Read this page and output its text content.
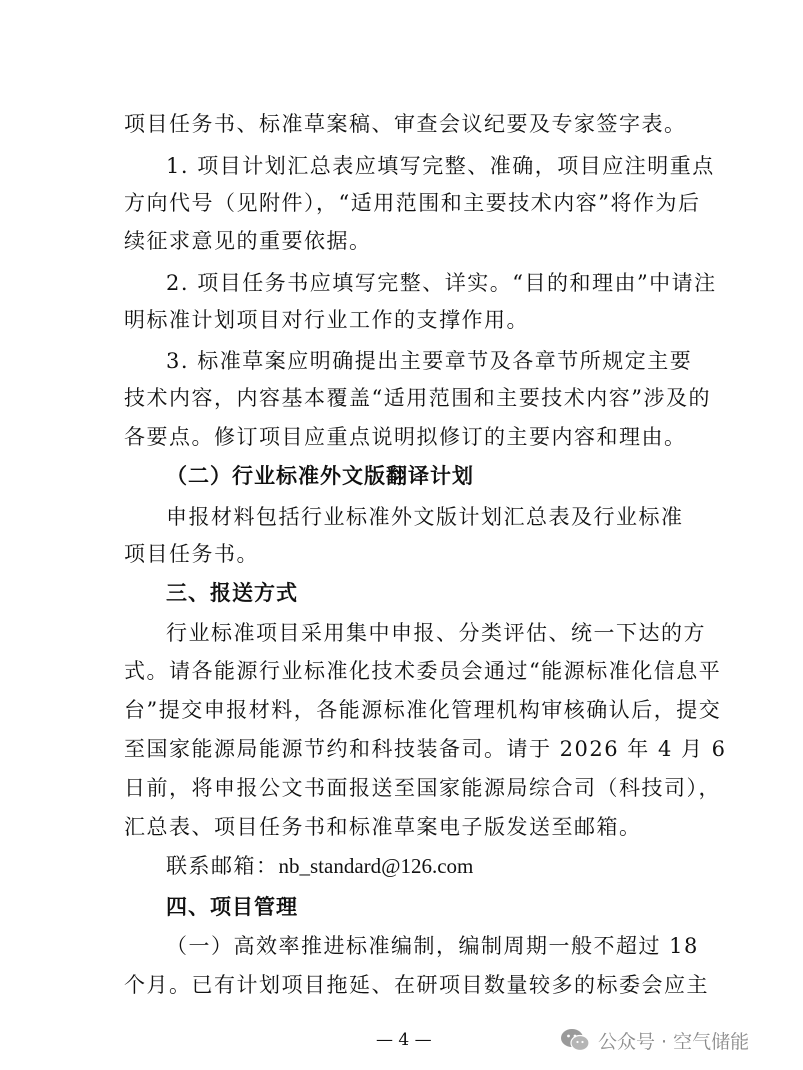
项目任务书、标准草案稿、审查会议纪要及专家签字表。
1. 项目计划汇总表应填写完整、准确，项目应注明重点
方向代号（见附件），“适用范围和主要技术内容”将作为后
续征求意见的重要依据。
2. 项目任务书应填写完整、详实。“目的和理由”中请注
明标准计划项目对行业工作的支撑作用。
3. 标准草案应明确提出主要章节及各章节所规定主要
技术内容，内容基本覆盖“适用范围和主要技术内容”涉及的
各要点。修订项目应重点说明拟修订的主要内容和理由。
（二）行业标准外文版翻译计划
申报材料包括行业标准外文版计划汇总表及行业标准
项目任务书。
三、报送方式
行业标准项目采用集中申报、分类评估、统一下达的方
式。请各能源行业标准化技术委员会通过“能源标准化信息平
台”提交申报材料，各能源标准化管理机构审核确认后，提交
至国家能源局能源节约和科技装备司。请于 2026 年 4 月 6
日前，将申报公文书面报送至国家能源局综合司（科技司），
汇总表、项目任务书和标准草案电子版发送至邮箱。
联系邮箱：nb_standard@126.com
四、项目管理
（一）高效率推进标准编制，编制周期一般不超过 18
个月。已有计划项目拖延、在研项目数量较多的标委会应主
— 4 —	公众号 · 空气储能
